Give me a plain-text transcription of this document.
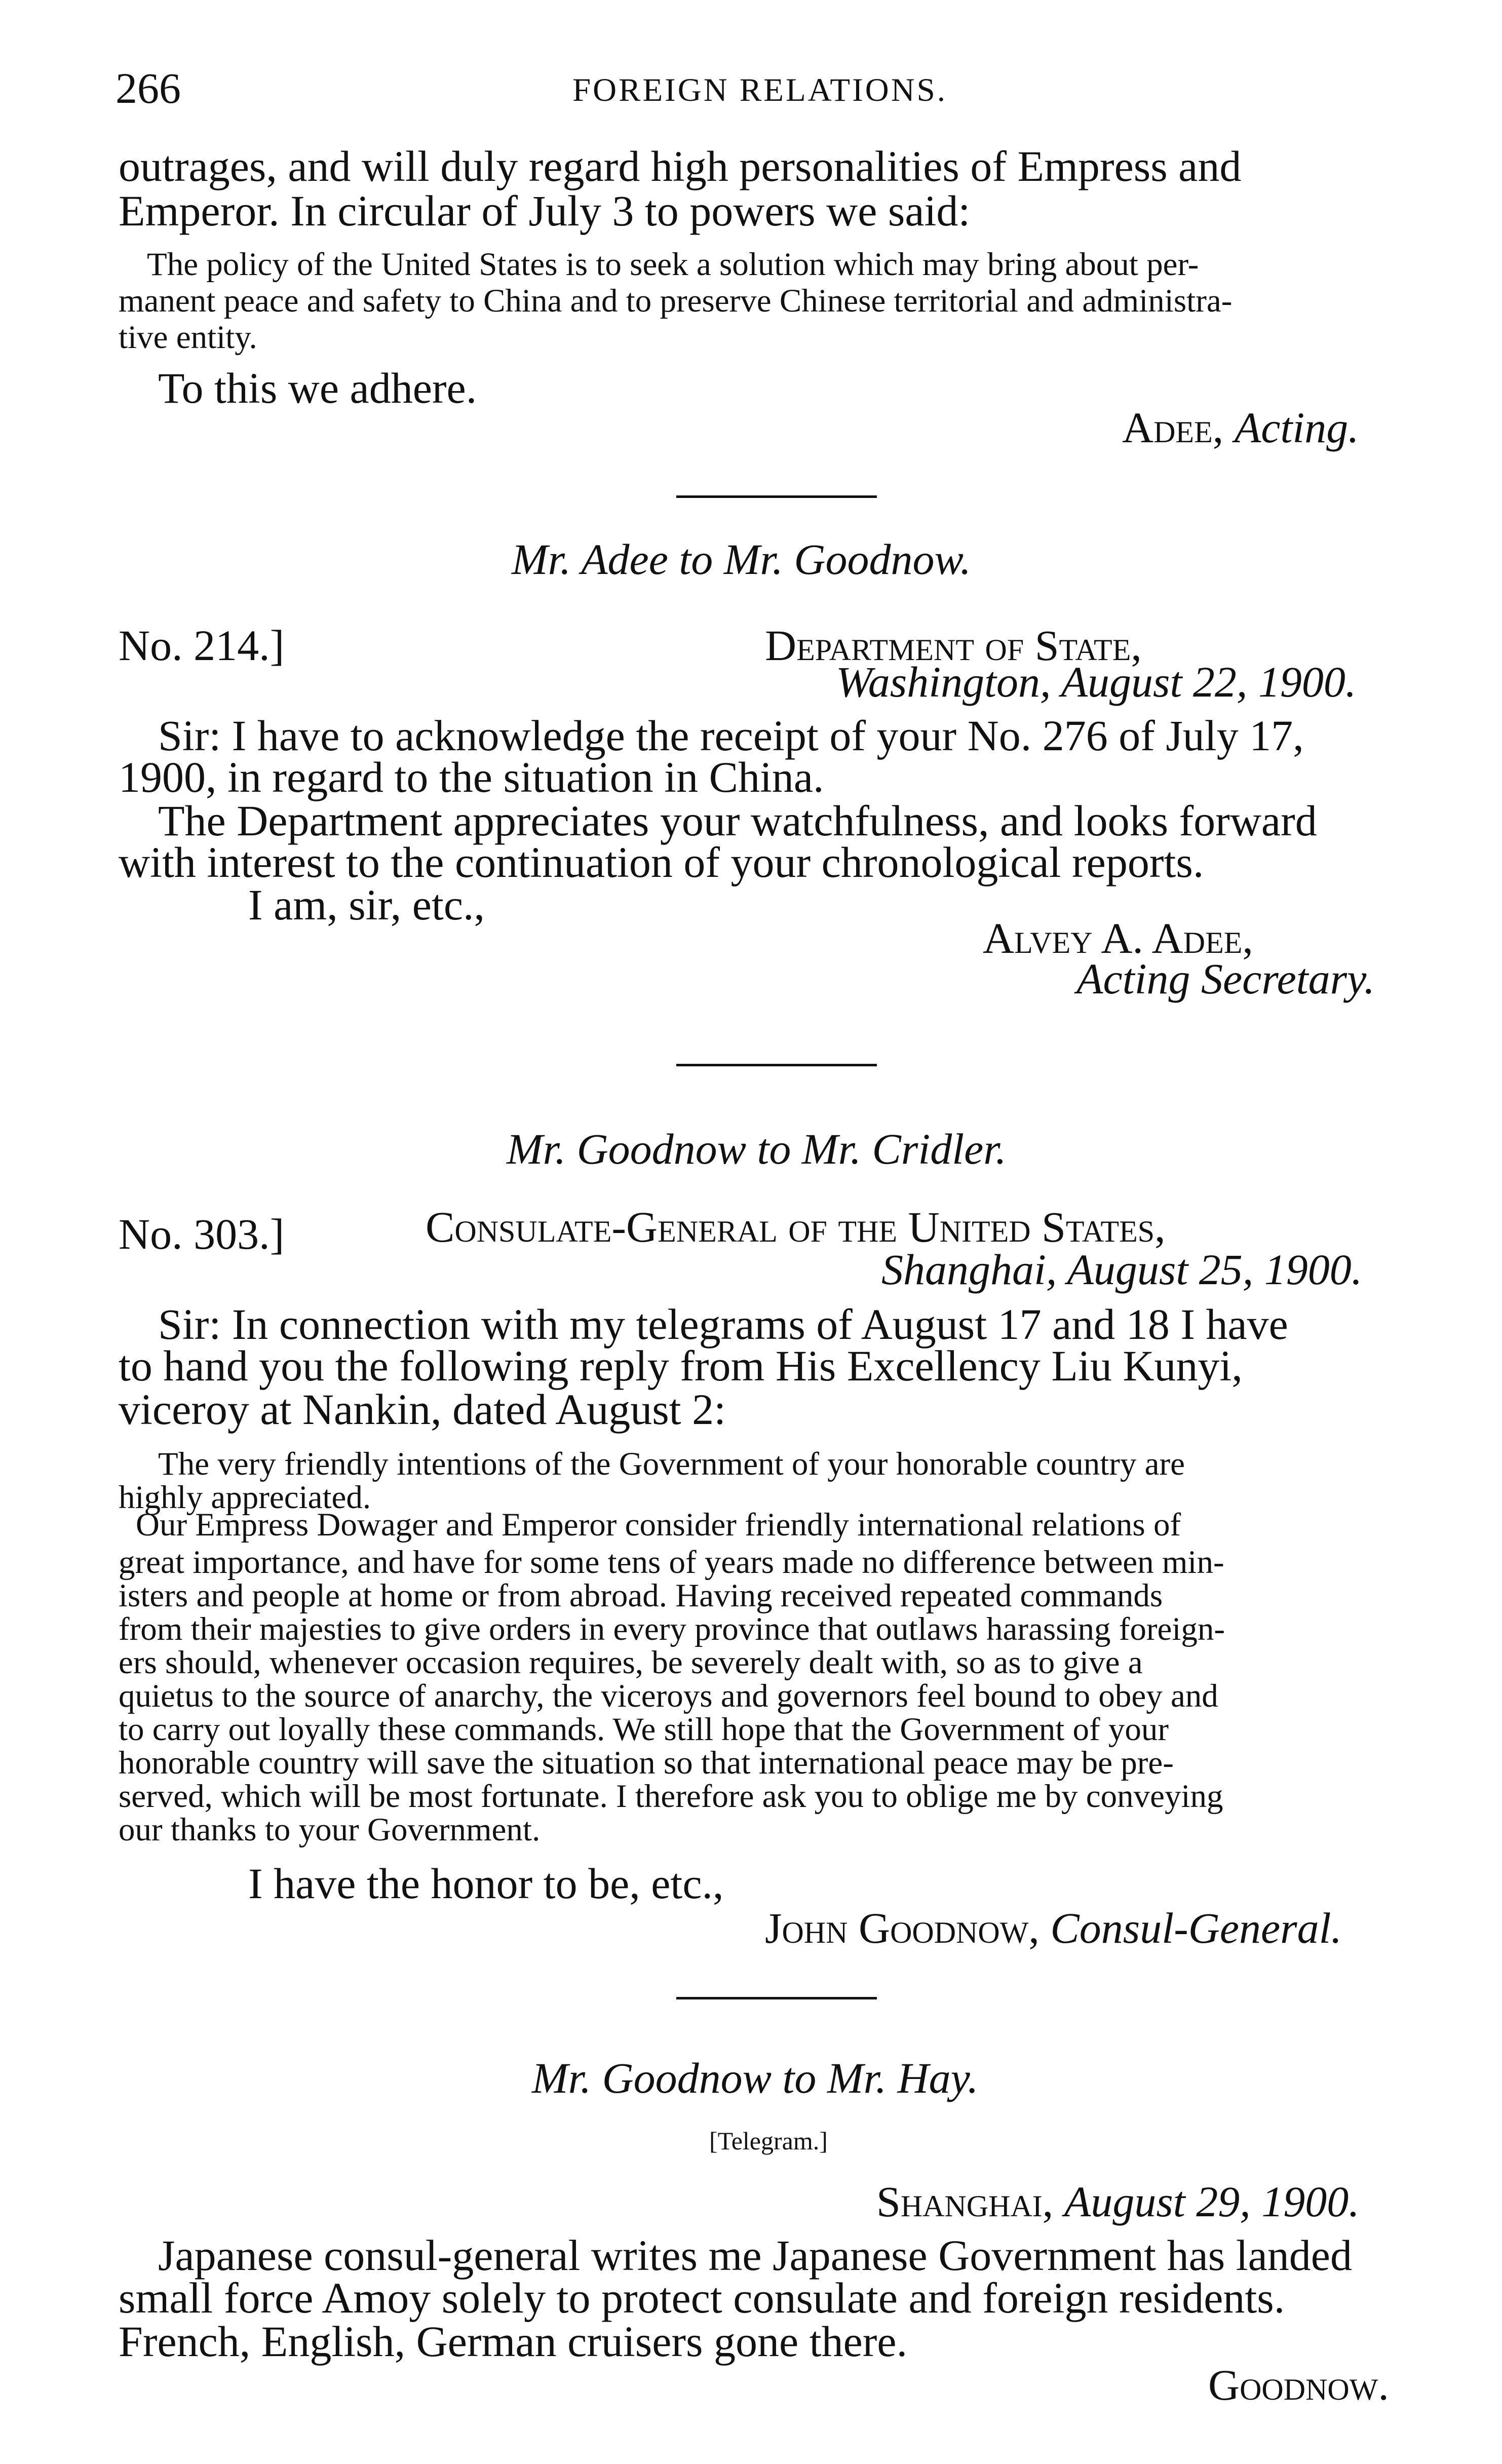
266	FOREIGN RELATIONS.
outrages, and will duly regard high personalities of Empress and
Emperor. In circular of July 3 to powers we said:
The policy of the United States is to seek a solution which may bring about per-
manent peace and safety to China and to preserve Chinese territorial and administra-
tive entity.
To this we adhere.
Adee, Acting.
Mr. Adee to Mr. Goodnow.
No. 214.]	Department of State,
Washington, August 22, 1900.
Sir: I have to acknowledge the receipt of your No. 276 of July 17,
1900, in regard to the situation in China.
The Department appreciates your watchfulness, and looks forward
with interest to the continuation of your chronological reports.
I am, sir, etc.,
Alvey A. Adee,
Acting Secretary.
Mr. Goodnow to Mr. Cridler.
No. 303.]	Consulate-General of the United States,
Shanghai, August 25, 1900.
Sir: In connection with my telegrams of August 17 and 18 I have
to hand you the following reply from His Excellency Liu Kunyi,
viceroy at Nankin, dated August 2:
The very friendly intentions of the Government of your honorable country are
highly appreciated.
Our Empress Dowager and Emperor consider friendly international relations of
great importance, and have for some tens of years made no difference between min-
isters and people at home or from abroad. Having received repeated commands
from their majesties to give orders in every province that outlaws harassing foreign-
ers should, whenever occasion requires, be severely dealt with, so as to give a
quietus to the source of anarchy, the viceroys and governors feel bound to obey and
to carry out loyally these commands. We still hope that the Government of your
honorable country will save the situation so that international peace may be pre-
served, which will be most fortunate. I therefore ask you to oblige me by conveying
our thanks to your Government.
I have the honor to be, etc.,
John Goodnow, Consul-General.
Mr. Goodnow to Mr. Hay.
[Telegram.]
Shanghai, August 29, 1900.
Japanese consul-general writes me Japanese Government has landed
small force Amoy solely to protect consulate and foreign residents.
French, English, German cruisers gone there.
Goodnow.
